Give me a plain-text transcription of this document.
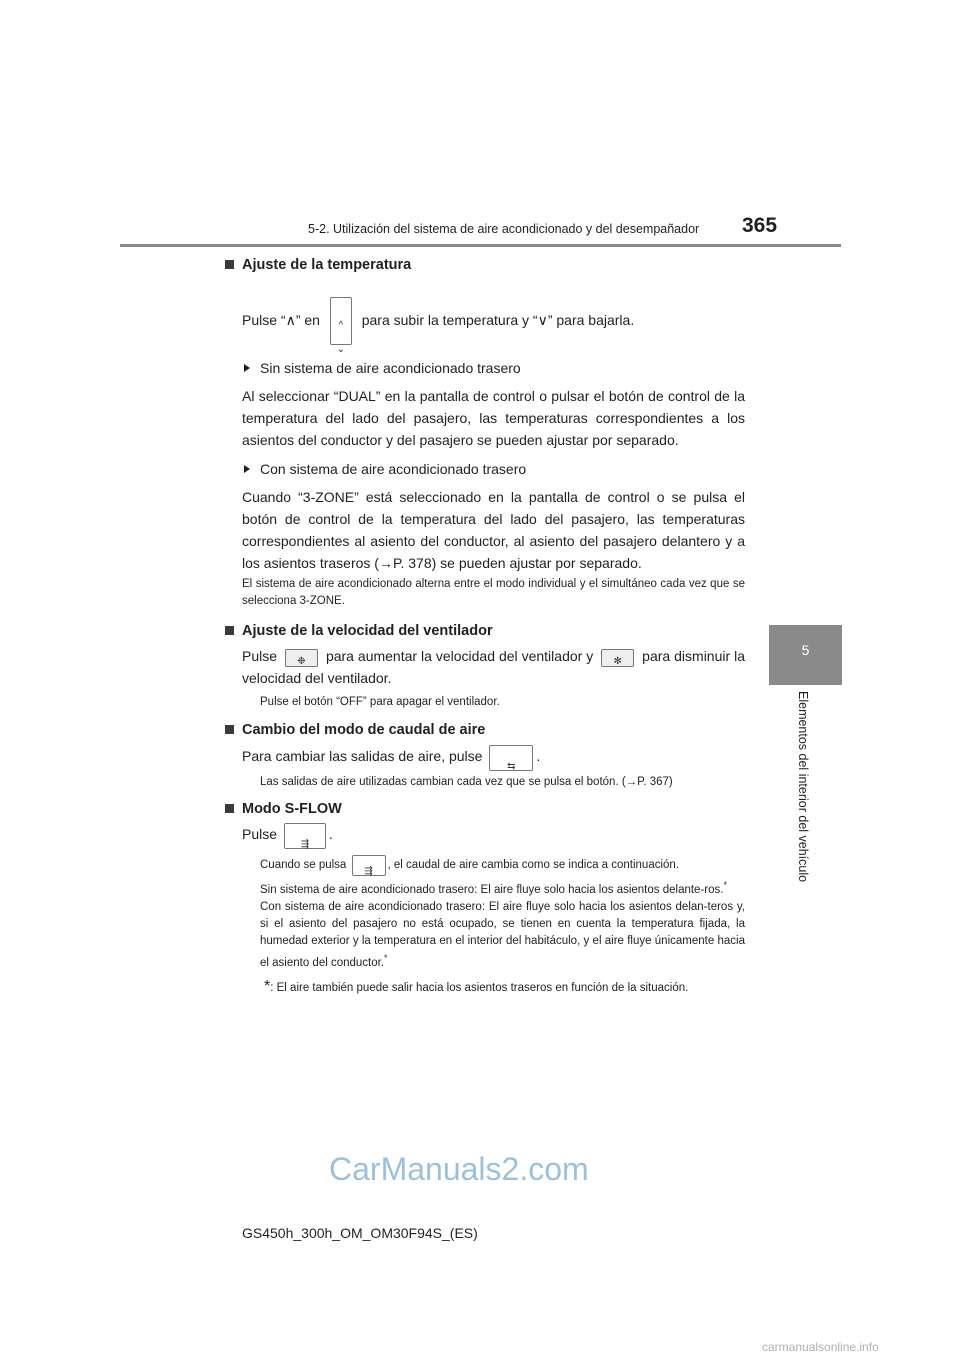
5-2. Utilización del sistema de aire acondicionado y del desempañador 365
5
Elementos del interior del vehículo
Ajuste de la temperatura

Pulse “∧” en	^
⌄
para subir la temperatura y “∨” para bajarla.

Sin sistema de aire acondicionado trasero

Al seleccionar “DUAL” en la pantalla de control o pulsar el botón de control de la temperatura del lado del pasajero, las temperaturas correspondientes a los asientos del conductor y del pasajero se pueden ajustar por separado.

Con sistema de aire acondicionado trasero

Cuando “3-ZONE” está seleccionado en la pantalla de control o se pulsa el botón de control de la temperatura del lado del pasajero, las temperaturas correspondientes al asiento del conductor, al asiento del pasajero delantero y a los asientos traseros (→P. 378) se pueden ajustar por separado.

El sistema de aire acondicionado alterna entre el modo individual y el simultáneo cada vez que se selecciona 3-ZONE.

Ajuste de la velocidad del ventilador

Pulse	❉	para aumentar la velocidad del ventilador y	✻	para disminuir la velocidad del ventilador.

Pulse el botón “OFF” para apagar el ventilador.

Cambio del modo de caudal de aire

Para cambiar las salidas de aire, pulse
⇆
.

Las salidas de aire utilizadas cambian cada vez que se pulsa el botón. (→P. 367)

Modo S-FLOW

Pulse
⇶
.

Cuando se pulsa	⇶	, el caudal de aire cambia como se indica a continuación.

Sin sistema de aire acondicionado trasero: El aire fluye solo hacia los asientos delante-ros.*

Con sistema de aire acondicionado trasero: El aire fluye solo hacia los asientos delan-teros y, si el asiento del pasajero no está ocupado, se tienen en cuenta la temperatura fijada, la humedad exterior y la temperatura en el interior del habitáculo, y el aire fluye únicamente hacia el asiento del conductor.*

*: El aire también puede salir hacia los asientos traseros en función de la situación.

CarManuals2.com
GS450h_300h_OM_OM30F94S_(ES)
carmanualsonline.info
